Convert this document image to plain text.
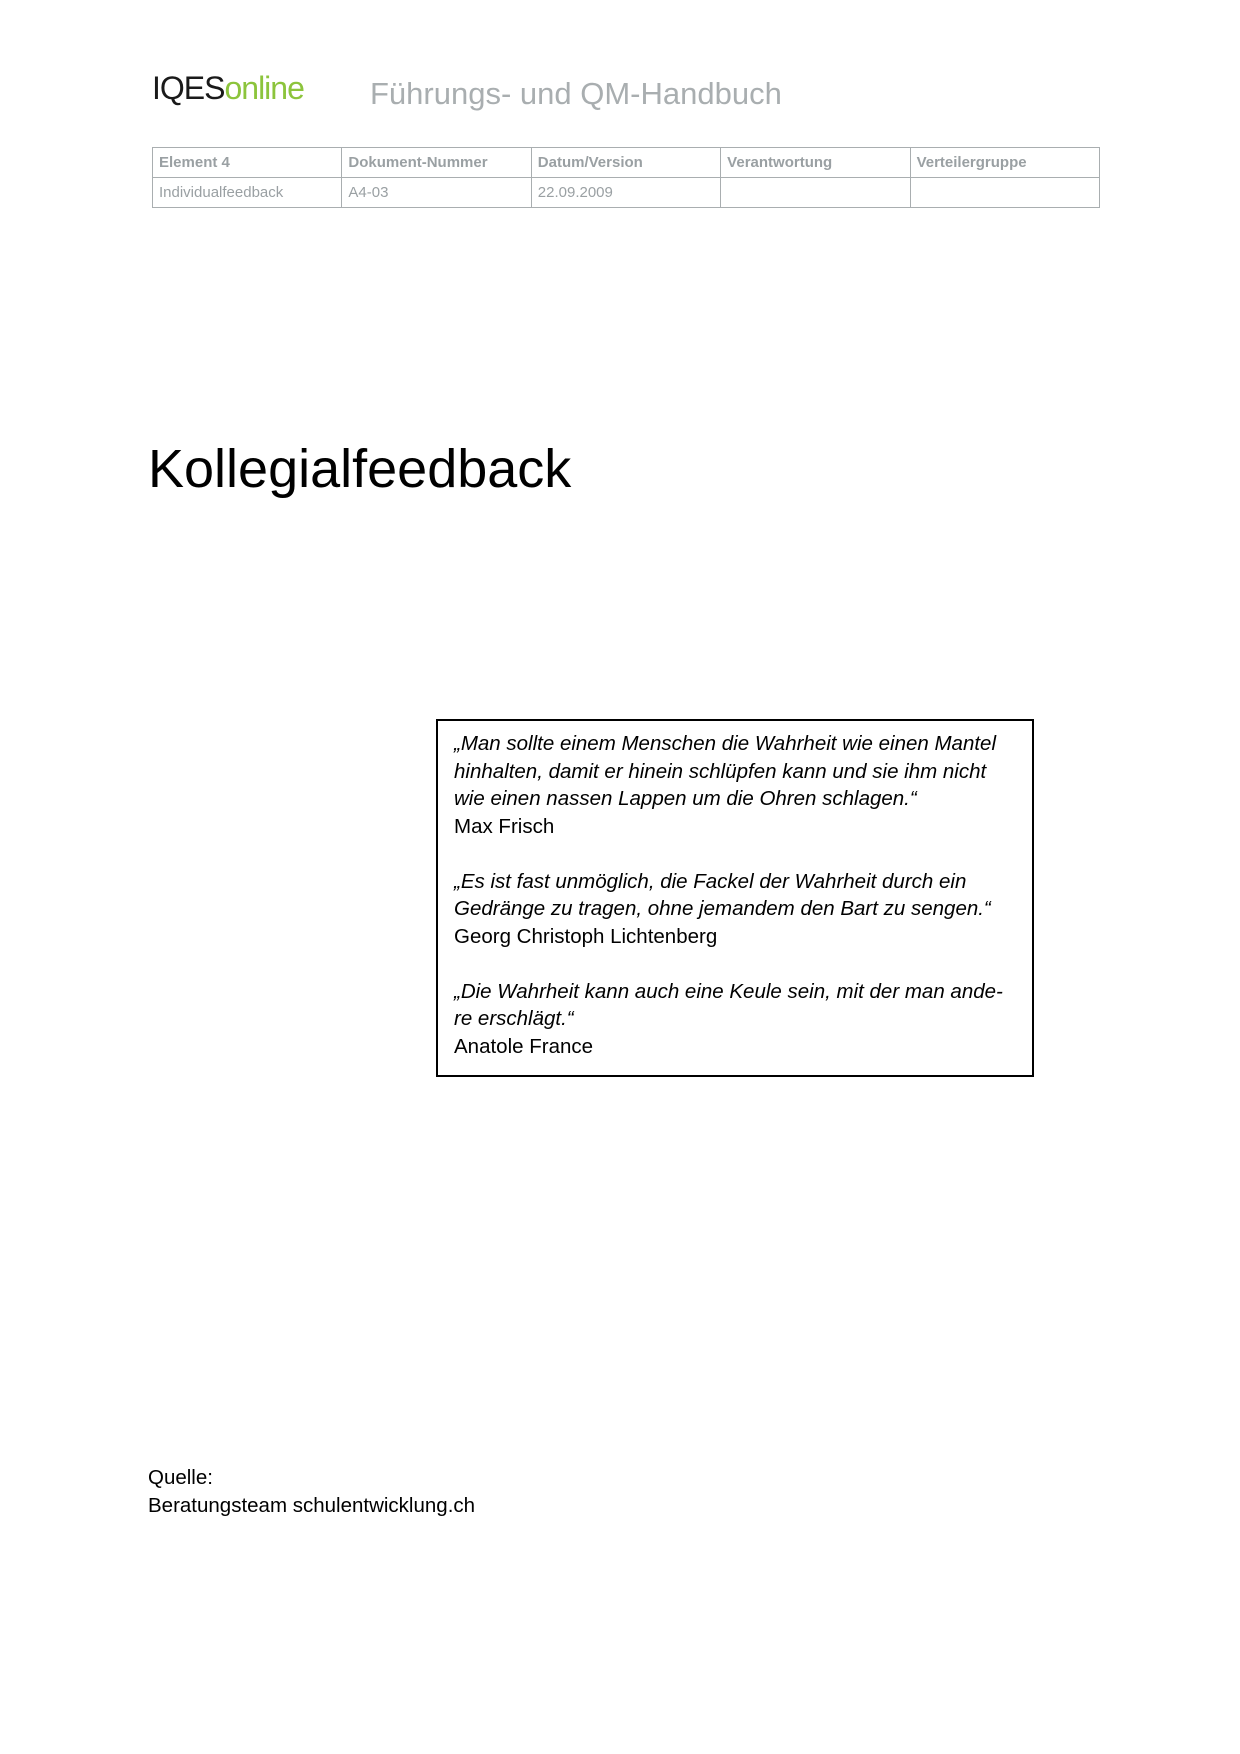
IQESonline Führungs- und QM-Handbuch
Element 4	Dokument-Nummer	Datum/Version	Verantwortung	Verteilergruppe
Individualfeedback	A4-03	22.09.2009		
Kollegialfeedback
„Man sollte einem Menschen die Wahrheit wie einen Mantel
hinhalten, damit er hinein schlüpfen kann und sie ihm nicht
wie einen nassen Lappen um die Ohren schlagen.“
Max Frisch
„Es ist fast unmöglich, die Fackel der Wahrheit durch ein
Gedränge zu tragen, ohne jemandem den Bart zu sengen.“
Georg Christoph Lichtenberg
„Die Wahrheit kann auch eine Keule sein, mit der man ande-
re erschlägt.“
Anatole France
Quelle:
Beratungsteam schulentwicklung.ch
